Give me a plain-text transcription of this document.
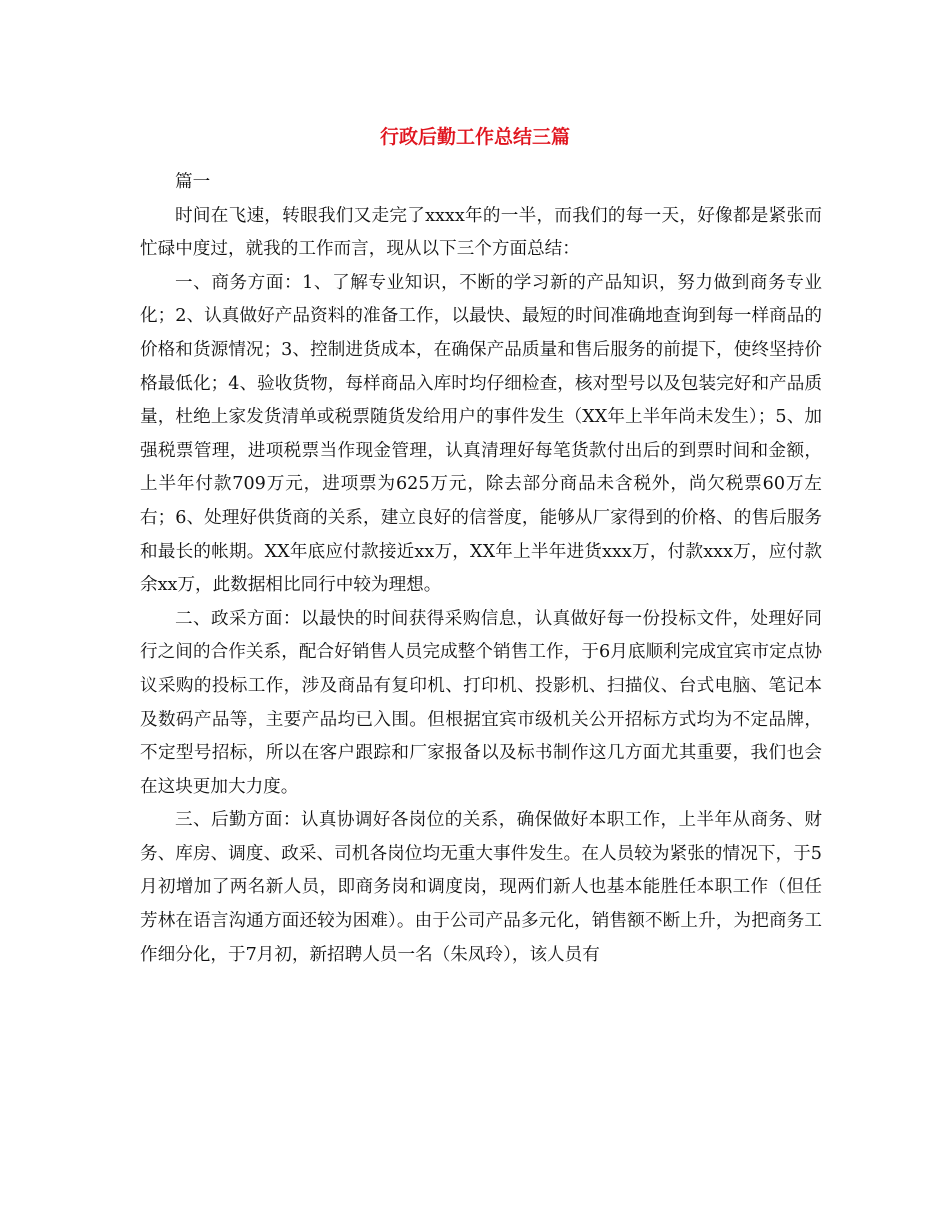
行政后勤工作总结三篇

篇一

时间在飞速，转眼我们又走完了xxxx年的一半，而我们的每一天，好像都是紧张而忙碌中度过，就我的工作而言，现从以下三个方面总结：

一、商务方面：1、了解专业知识，不断的学习新的产品知识，努力做到商务专业化；2、认真做好产品资料的准备工作，以最快、最短的时间准确地查询到每一样商品的价格和货源情况；3、控制进货成本，在确保产品质量和售后服务的前提下，使终坚持价格最低化；4、验收货物，每样商品入库时均仔细检查，核对型号以及包装完好和产品质量，杜绝上家发货清单或税票随货发给用户的事件发生（XX年上半年尚未发生）；5、加强税票管理，进项税票当作现金管理，认真清理好每笔货款付出后的到票时间和金额，上半年付款709万元，进项票为625万元，除去部分商品未含税外，尚欠税票60万左右；6、处理好供货商的关系，建立良好的信誉度，能够从厂家得到的价格、的售后服务和最长的帐期。XX年底应付款接近xx万，XX年上半年进货xxx万，付款xxx万，应付款余xx万，此数据相比同行中较为理想。

二、政采方面：以最快的时间获得采购信息，认真做好每一份投标文件，处理好同行之间的合作关系，配合好销售人员完成整个销售工作，于6月底顺利完成宜宾市定点协议采购的投标工作，涉及商品有复印机、打印机、投影机、扫描仪、台式电脑、笔记本及数码产品等，主要产品均已入围。但根据宜宾市级机关公开招标方式均为不定品牌，不定型号招标，所以在客户跟踪和厂家报备以及标书制作这几方面尤其重要，我们也会在这块更加大力度。

三、后勤方面：认真协调好各岗位的关系，确保做好本职工作，上半年从商务、财务、库房、调度、政采、司机各岗位均无重大事件发生。在人员较为紧张的情况下，于5月初增加了两名新人员，即商务岗和调度岗，现两们新人也基本能胜任本职工作（但任芳林在语言沟通方面还较为困难）。由于公司产品多元化，销售额不断上升，为把商务工作细分化，于7月初，新招聘人员一名（朱凤玲），该人员有
